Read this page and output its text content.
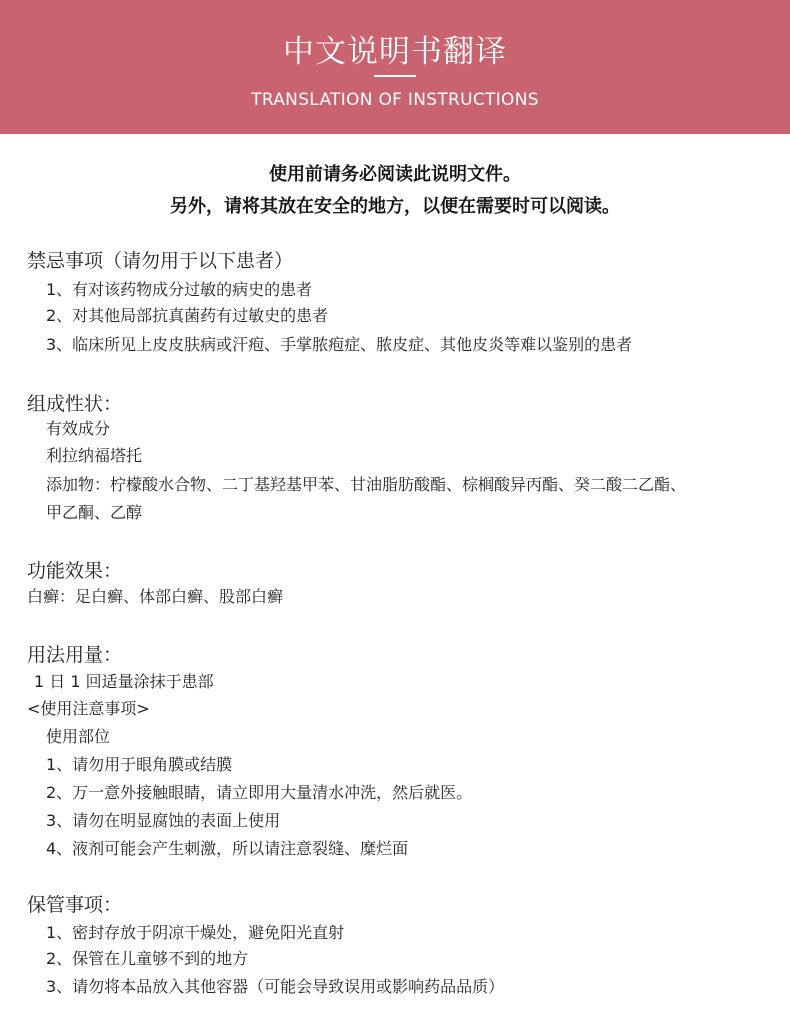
中文说明书翻译
TRANSLATION OF INSTRUCTIONS
使用前请务必阅读此说明文件。
另外，请将其放在安全的地方，以便在需要时可以阅读。
禁忌事项（请勿用于以下患者）
1、有对该药物成分过敏的病史的患者
2、对其他局部抗真菌药有过敏史的患者
3、临床所见上皮皮肤病或汗疱、手掌脓疱症、脓皮症、其他皮炎等难以鉴别的患者
组成性状：
有效成分
利拉纳福塔托
添加物：柠檬酸水合物、二丁基羟基甲苯、甘油脂肪酸酯、棕榈酸异丙酯、癸二酸二乙酯、
甲乙酮、乙醇
功能效果：
白癣：足白癣、体部白癣、股部白癣
用法用量：
1 日 1 回适量涂抹于患部
<使用注意事项>
使用部位
1、请勿用于眼角膜或结膜
2、万一意外接触眼睛，请立即用大量清水冲洗，然后就医。
3、请勿在明显腐蚀的表面上使用
4、液剂可能会产生刺激，所以请注意裂缝、糜烂面
保管事项：
1、密封存放于阴凉干燥处，避免阳光直射
2、保管在儿童够不到的地方
3、请勿将本品放入其他容器（可能会导致误用或影响药品品质）
